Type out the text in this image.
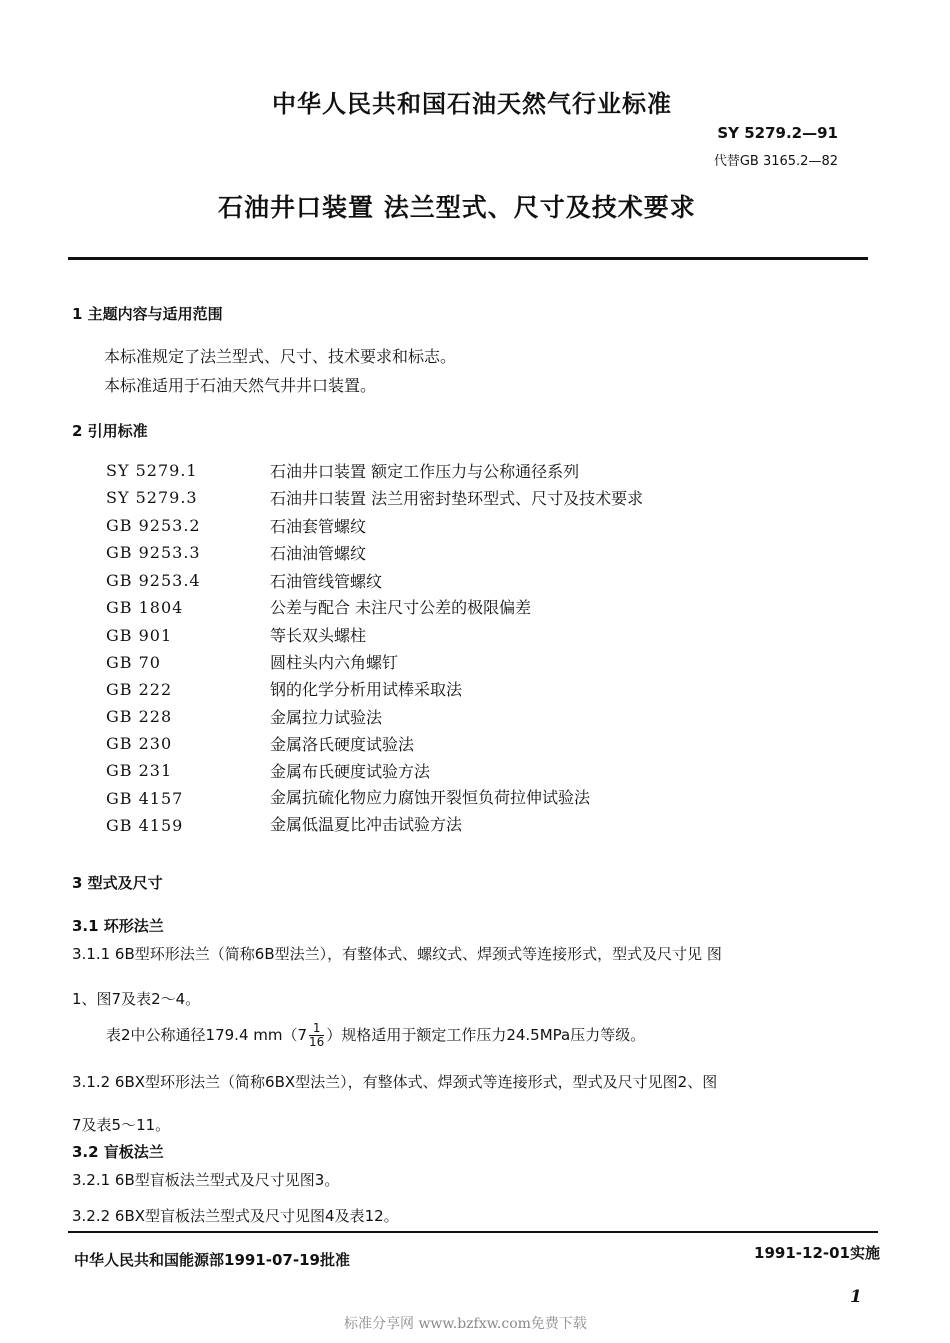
中华人民共和国石油天然气行业标准
SY 5279.2—91
代替GB 3165.2—82
石油井口装置 法兰型式、尺寸及技术要求
1 主题内容与适用范围
本标准规定了法兰型式、尺寸、技术要求和标志。
本标准适用于石油天然气井井口装置。
2 引用标准
SY 5279.1	石油井口装置 额定工作压力与公称通径系列
SY 5279.3	石油井口装置 法兰用密封垫环型式、尺寸及技术要求
GB 9253.2	石油套管螺纹
GB 9253.3	石油油管螺纹
GB 9253.4	石油管线管螺纹
GB 1804	公差与配合 未注尺寸公差的极限偏差
GB 901	等长双头螺柱
GB 70	圆柱头内六角螺钉
GB 222	钢的化学分析用试棒采取法
GB 228	金属拉力试验法
GB 230	金属洛氏硬度试验法
GB 231	金属布氏硬度试验方法
GB 4157	金属抗硫化物应力腐蚀开裂恒负荷拉伸试验法
GB 4159	金属低温夏比冲击试验方法
3 型式及尺寸
3.1 环形法兰
3.1.1 6B型环形法兰（简称6B型法兰），有整体式、螺纹式、焊颈式等连接形式，型式及尺寸见 图
1、图7及表2～4。
表2中公称通径179.4 $mm(7 \frac{1}{16}$ ）规格适用于额定工作压力24.5MPa压力等级。
3.1.2 6BX型环形法兰（简称6BX型法兰），有整体式、焊颈式等连接形式，型式及尺寸见图2、图
7及表5～11。
3.2 盲板法兰
3.2.1 6B型盲板法兰型式及尺寸见图3。
3.2.2 6BX型盲板法兰型式及尺寸见图4及表12。
中华人民共和国能源部1991-07-19批准	1991-12-01实施
1
标准分享网 www.bzfxw.com免费下载
